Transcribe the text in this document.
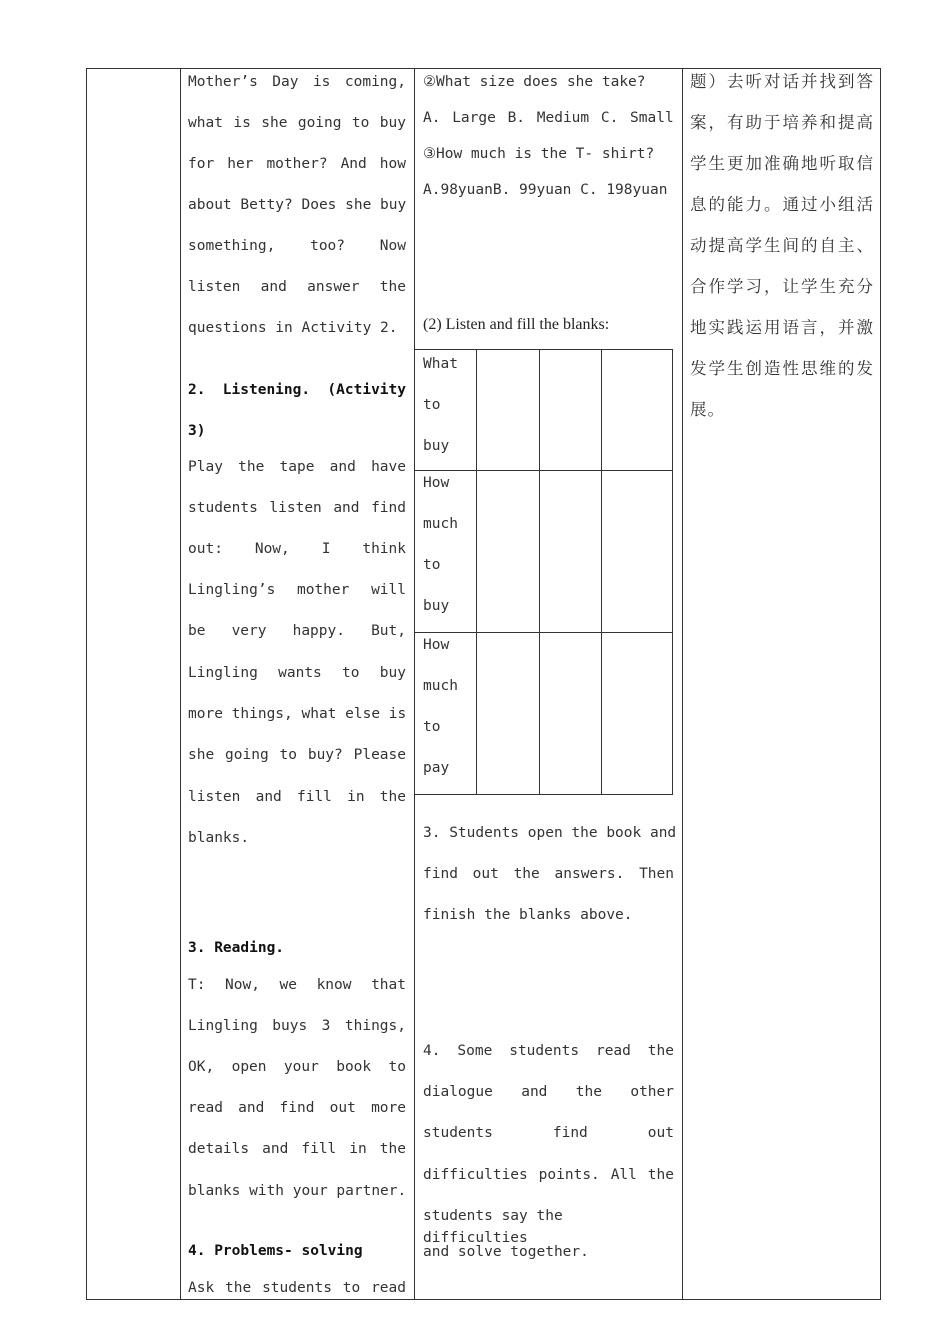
Mother’s Day is coming,
what is she going to buy
for her mother? And how
about Betty? Does she buy
something, too? Now
listen and answer the
questions in Activity 2.
2. Listening. (Activity
3)
Play the tape and have
students listen and find
out: Now, I think
Lingling’s mother will
be very happy. But,
Lingling wants to buy
more things, what else is
she going to buy? Please
listen and fill in the
blanks.
3. Reading.
T: Now, we know that
Lingling buys 3 things,
OK, open your book to
read and find out more
details and fill in the
blanks with your partner.
4. Problems- solving
Ask the students to read
②What size does she take?
A. Large B. Medium C. Small
③How much is the T- shirt?
A.98yuanB. 99yuan C. 198yuan
(2) Listen and fill the blanks:
3. Students open the book and
find out the answers. Then
finish the blanks above.
4. Some students read the
dialogue and the other
students find out
difficulties points. All the
students say the difficulties
and solve together.
What
to
buy
How
much
to
buy
How
much
to
pay
题）去听对话并找到答
案，有助于培养和提高
学生更加准确地听取信
息的能力。通过小组活
动提高学生间的自主、
合作学习，让学生充分
地实践运用语言，并激
发学生创造性思维的发
展。
